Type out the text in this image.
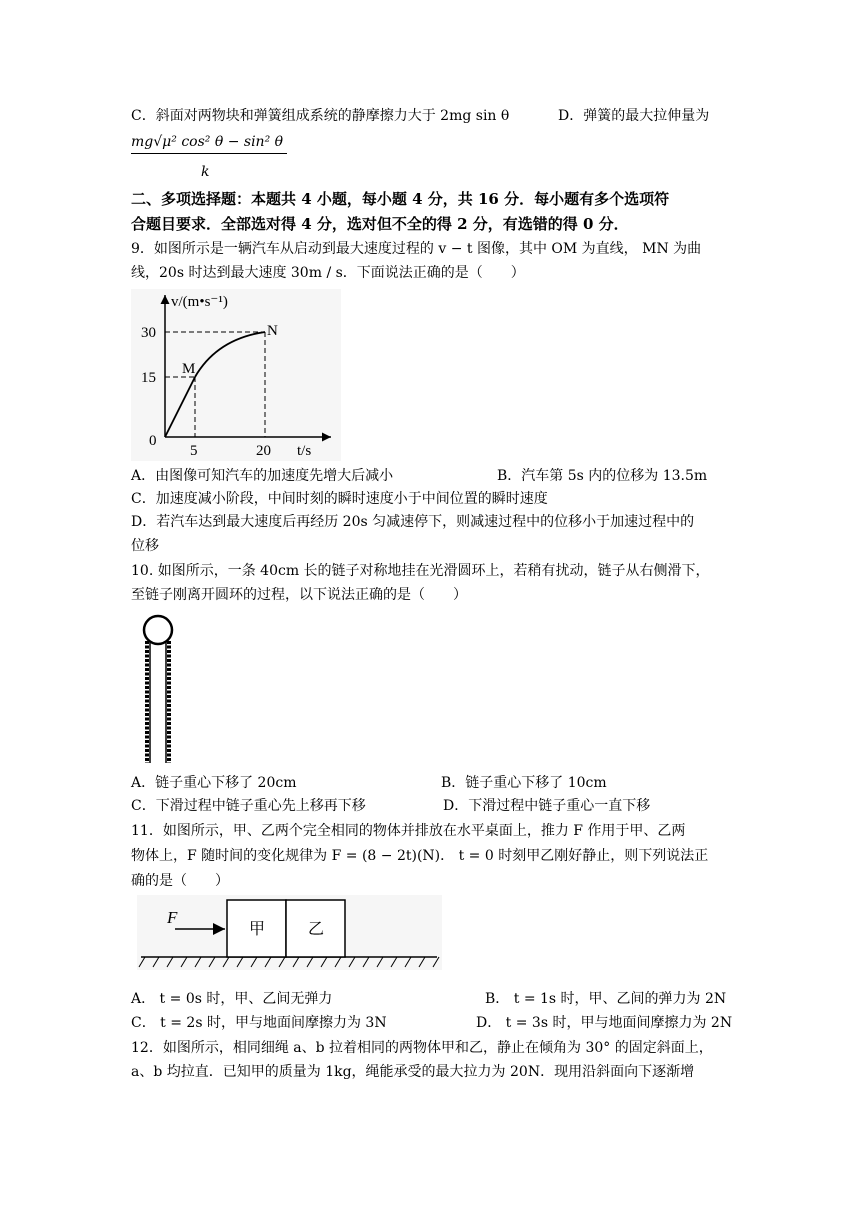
C．斜面对两物块和弹簧组成系统的静摩擦力大于 2mg sin θ	D．弹簧的最大拉伸量为
$\frac{\text{mg√μ² cos² θ − sin² θ}}{k}$
二、多项选择题：本题共 4 小题，每小题 4 分，共 16 分．每小题有多个选项符
合题目要求．全部选对得 4 分，选对但不全的得 2 分，有选错的得 0 分．
9．如图所示是一辆汽车从启动到最大速度过程的 v − t 图像，其中 OM 为直线， MN 为曲
线，20s 时达到最大速度 30m / s．下面说法正确的是（　　）
v/(m•s⁻¹)
t/s
30
15
0
5	20
M
N
A．由图像可知汽车的加速度先增大后减小	B．汽车第 5s 内的位移为 13.5m
C．加速度减小阶段，中间时刻的瞬时速度小于中间位置的瞬时速度
D．若汽车达到最大速度后再经历 20s 匀减速停下，则减速过程中的位移小于加速过程中的
位移
10. 如图所示，一条 40cm 长的链子对称地挂在光滑圆环上，若稍有扰动，链子从右侧滑下，
至链子刚离开圆环的过程，以下说法正确的是（　　）
A．链子重心下移了 20cm	B．链子重心下移了 10cm
C．下滑过程中链子重心先上移再下移	D．下滑过程中链子重心一直下移
11．如图所示，甲、乙两个完全相同的物体并排放在水平桌面上，推力 F 作用于甲、乙两
物体上，F 随时间的变化规律为 F = (8 − 2t)(N)． t = 0 时刻甲乙刚好静止，则下列说法正
确的是（　　）
F
甲	乙
A． t = 0s 时，甲、乙间无弹力	B． t = 1s 时，甲、乙间的弹力为 2N
C． t = 2s 时，甲与地面间摩擦力为 3N	D． t = 3s 时，甲与地面间摩擦力为 2N
12．如图所示，相同细绳 a、b 拉着相同的两物体甲和乙，静止在倾角为 30° 的固定斜面上，
a、b 均拉直．已知甲的质量为 1kg，绳能承受的最大拉力为 20N．现用沿斜面向下逐渐增
